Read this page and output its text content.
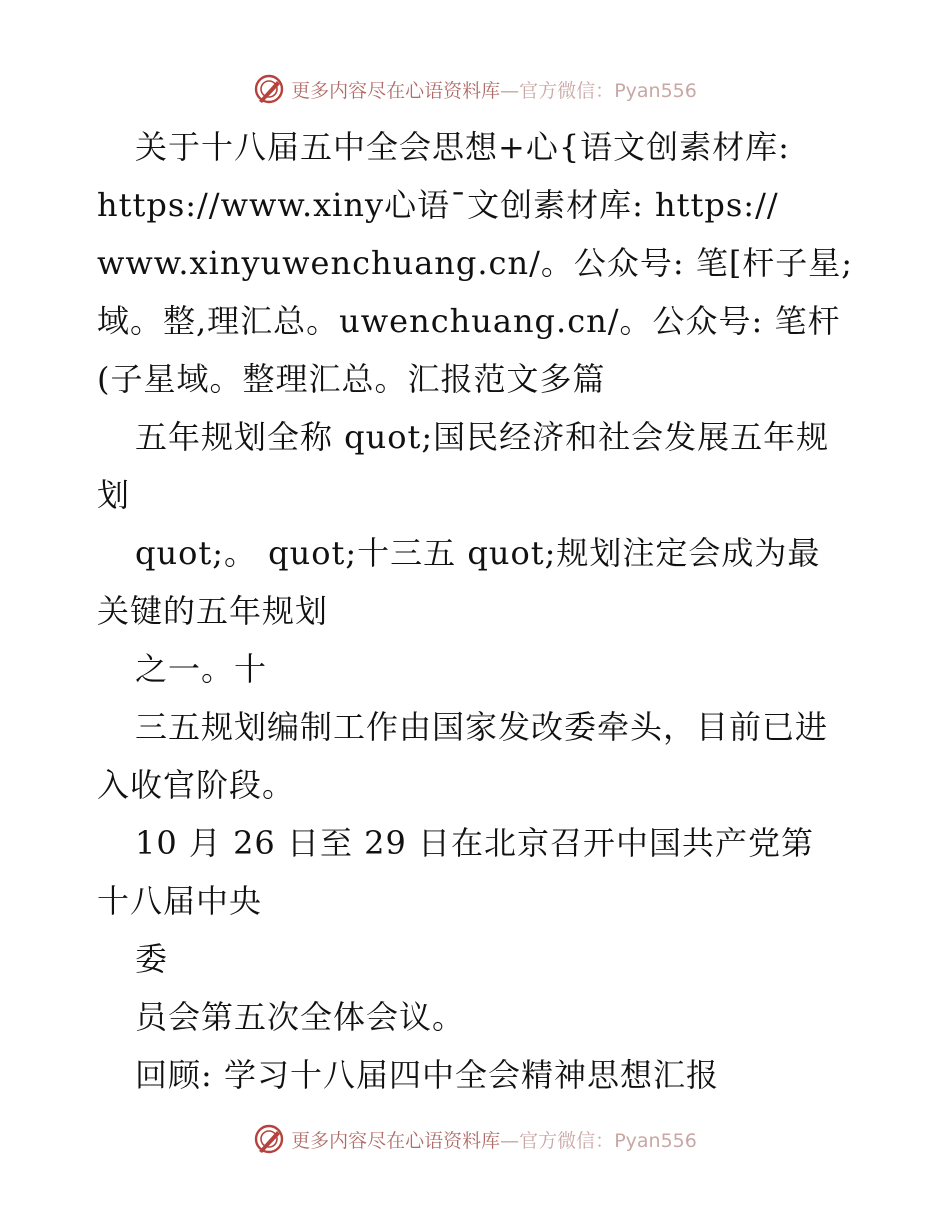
更多内容尽在心语资料库—官方微信：Pyan556
关于十八届五中全会思想+心{语文创素材库:
https://www.xiny心语¯文创素材库: https://
www.xinyuwenchuang.cn/。公众号: 笔[杆子星;
域。整,理汇总。uwenchuang.cn/。公众号: 笔杆
(子星域。整理汇总。汇报范文多篇
五年规划全称 quot;国民经济和社会发展五年规
划
quot;。 quot;十三五 quot;规划注定会成为最
关键的五年规划
之一。十
三五规划编制工作由国家发改委牵头，目前已进
入收官阶段。
10 月 26 日至 29 日在北京召开中国共产党第
十八届中央
委
员会第五次全体会议。
回顾: 学习十八届四中全会精神思想汇报
更多内容尽在心语资料库—官方微信：Pyan556
